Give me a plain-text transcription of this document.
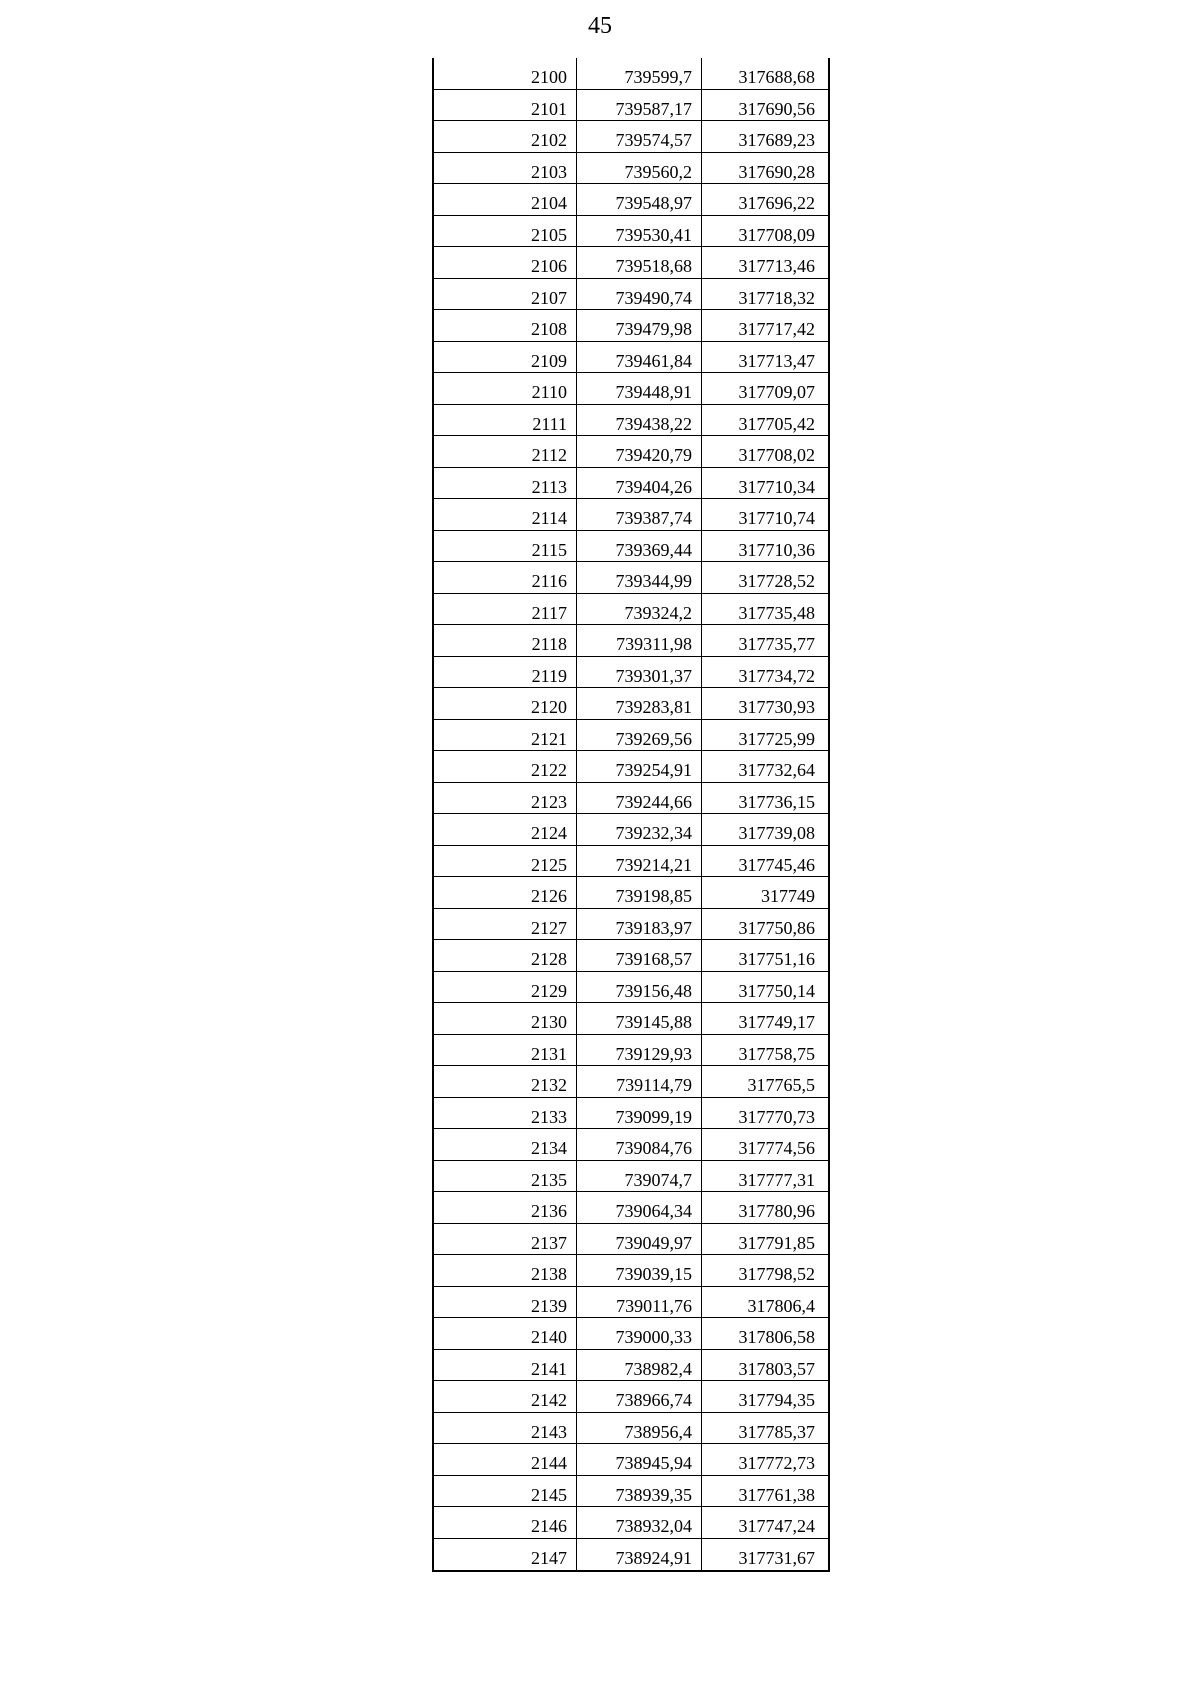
45
2100	739599,7	317688,68
2101	739587,17	317690,56
2102	739574,57	317689,23
2103	739560,2	317690,28
2104	739548,97	317696,22
2105	739530,41	317708,09
2106	739518,68	317713,46
2107	739490,74	317718,32
2108	739479,98	317717,42
2109	739461,84	317713,47
2110	739448,91	317709,07
2111	739438,22	317705,42
2112	739420,79	317708,02
2113	739404,26	317710,34
2114	739387,74	317710,74
2115	739369,44	317710,36
2116	739344,99	317728,52
2117	739324,2	317735,48
2118	739311,98	317735,77
2119	739301,37	317734,72
2120	739283,81	317730,93
2121	739269,56	317725,99
2122	739254,91	317732,64
2123	739244,66	317736,15
2124	739232,34	317739,08
2125	739214,21	317745,46
2126	739198,85	317749
2127	739183,97	317750,86
2128	739168,57	317751,16
2129	739156,48	317750,14
2130	739145,88	317749,17
2131	739129,93	317758,75
2132	739114,79	317765,5
2133	739099,19	317770,73
2134	739084,76	317774,56
2135	739074,7	317777,31
2136	739064,34	317780,96
2137	739049,97	317791,85
2138	739039,15	317798,52
2139	739011,76	317806,4
2140	739000,33	317806,58
2141	738982,4	317803,57
2142	738966,74	317794,35
2143	738956,4	317785,37
2144	738945,94	317772,73
2145	738939,35	317761,38
2146	738932,04	317747,24
2147	738924,91	317731,67
